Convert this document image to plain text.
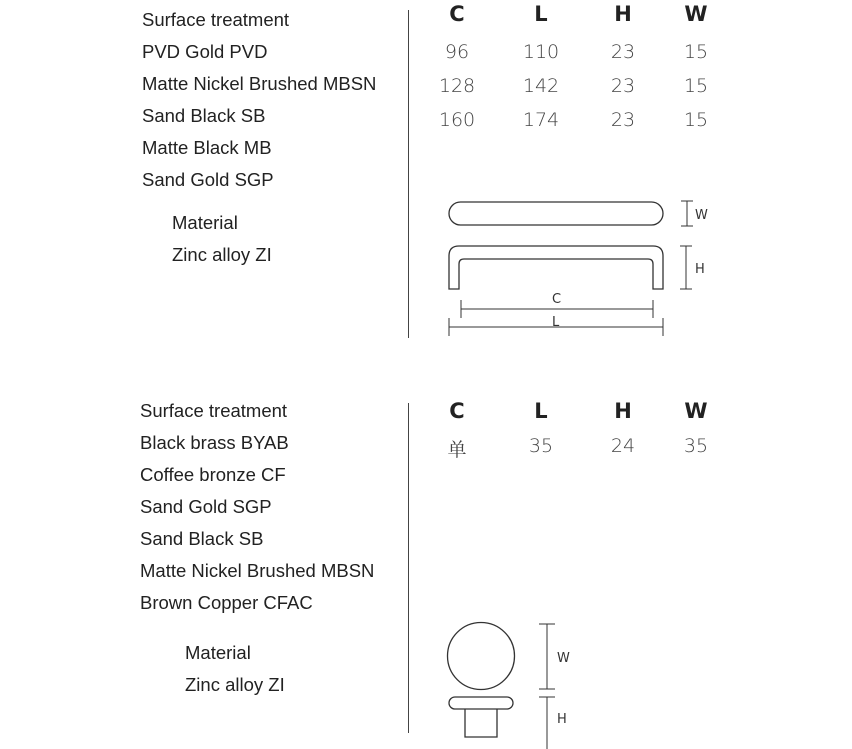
Surface treatment
PVD Gold PVD
Matte Nickel Brushed MBSN
Sand Black SB
Matte Black MB
Sand Gold SGP
Material
Zinc alloy ZI
C	L	H	W
96	110	23	15
128	142	23	15
160	174	23	15
W
H
C
L
Surface treatment
Black brass BYAB
Coffee bronze CF
Sand Gold SGP
Sand Black SB
Matte Nickel Brushed MBSN
Brown Copper CFAC
Material
Zinc alloy ZI
C	L	H	W
单	35	24	35
W
H
